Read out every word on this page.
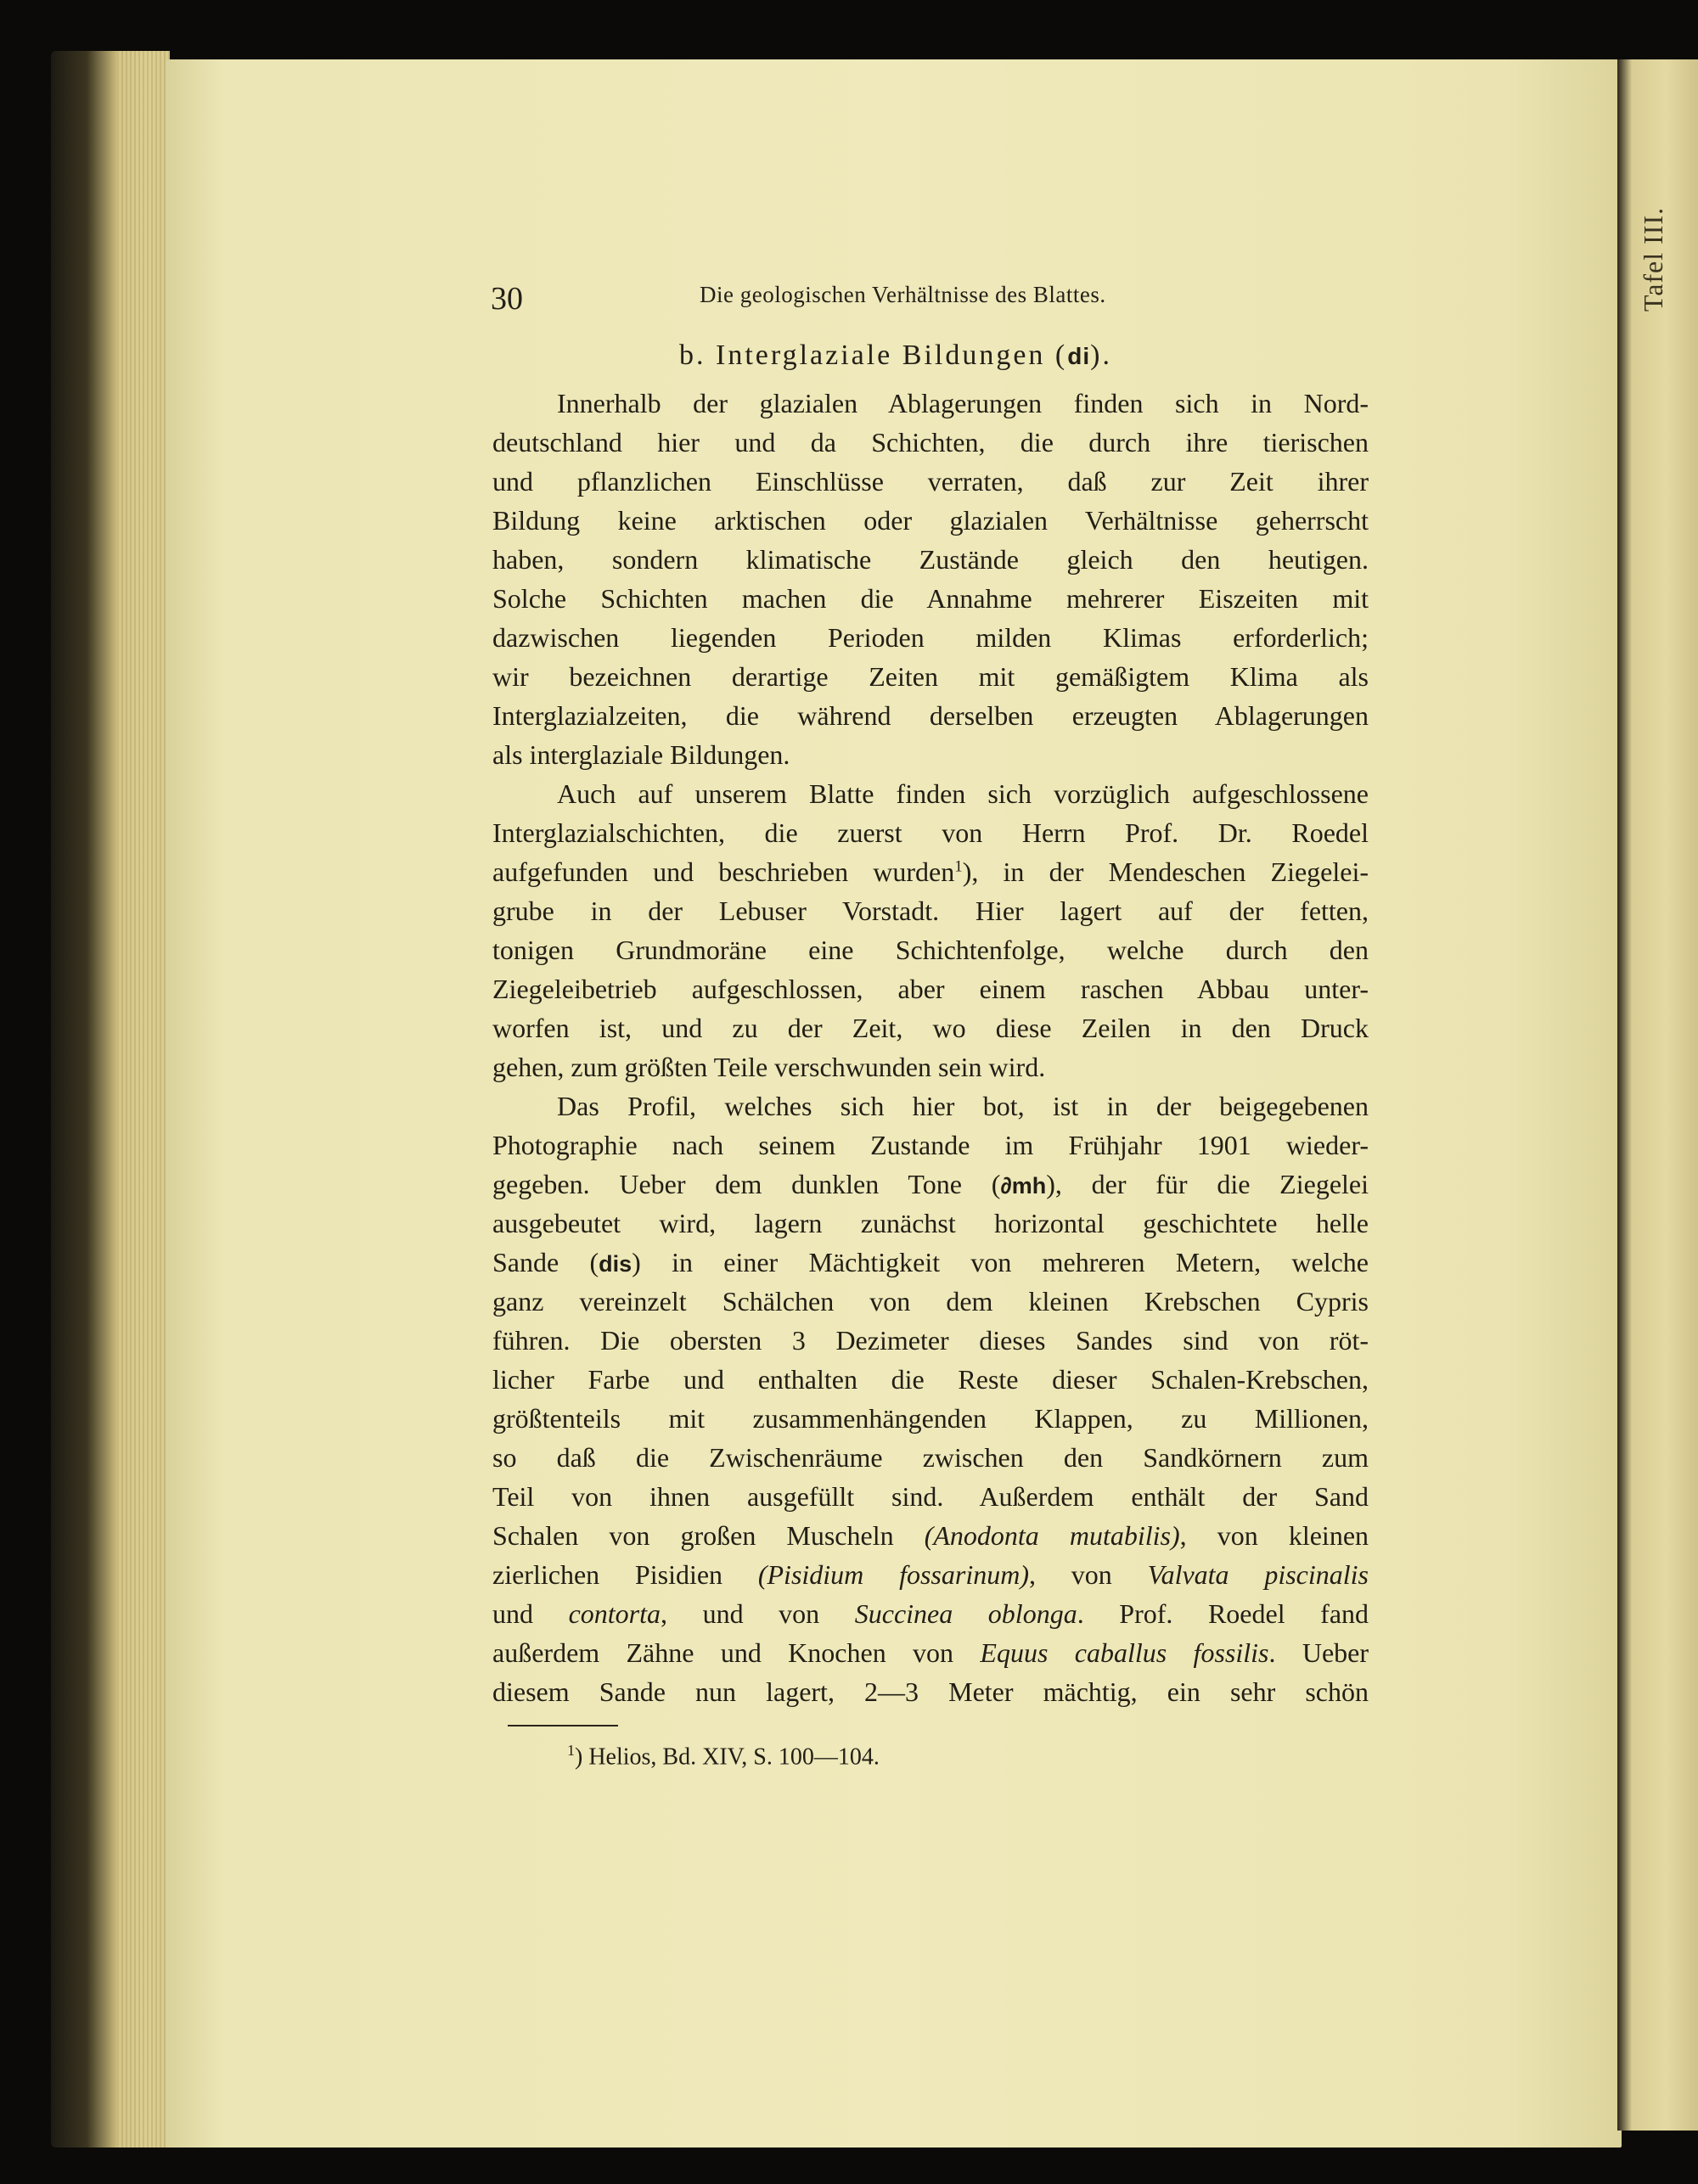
Tafel III.
30	Die geologischen Verhältnisse des Blattes.
b. Interglaziale Bildungen (di).
Innerhalb der glazialen Ablagerungen finden sich in Nord-
deutschland hier und da Schichten, die durch ihre tierischen
und pflanzlichen Einschlüsse verraten, daß zur Zeit ihrer
Bildung keine arktischen oder glazialen Verhältnisse geherrscht
haben, sondern klimatische Zustände gleich den heutigen.
Solche Schichten machen die Annahme mehrerer Eiszeiten mit
dazwischen liegenden Perioden milden Klimas erforderlich;
wir bezeichnen derartige Zeiten mit gemäßigtem Klima als
Interglazialzeiten, die während derselben erzeugten Ablagerungen
als interglaziale Bildungen.
Auch auf unserem Blatte finden sich vorzüglich aufgeschlossene
Interglazialschichten, die zuerst von Herrn Prof. Dr. Roedel
aufgefunden und beschrieben wurden$^1$), in der Mendeschen Ziegelei-
grube in der Lebuser Vorstadt. Hier lagert auf der fetten,
tonigen Grundmoräne eine Schichtenfolge, welche durch den
Ziegeleibetrieb aufgeschlossen, aber einem raschen Abbau unter-
worfen ist, und zu der Zeit, wo diese Zeilen in den Druck
gehen, zum größten Teile verschwunden sein wird.
Das Profil, welches sich hier bot, ist in der beigegebenen
Photographie nach seinem Zustande im Frühjahr 1901 wieder-
gegeben. Ueber dem dunklen Tone (∂mh), der für die Ziegelei
ausgebeutet wird, lagern zunächst horizontal geschichtete helle
Sande (dis) in einer Mächtigkeit von mehreren Metern, welche
ganz vereinzelt Schälchen von dem kleinen Krebschen Cypris
führen. Die obersten 3 Dezimeter dieses Sandes sind von röt-
licher Farbe und enthalten die Reste dieser Schalen-Krebschen,
größtenteils mit zusammenhängenden Klappen, zu Millionen,
so daß die Zwischenräume zwischen den Sandkörnern zum
Teil von ihnen ausgefüllt sind. Außerdem enthält der Sand
Schalen von großen Muscheln (Anodonta mutabilis), von kleinen
zierlichen Pisidien (Pisidium fossarinum), von Valvata piscinalis
und contorta, und von Succinea oblonga. Prof. Roedel fand
außerdem Zähne und Knochen von Equus caballus fossilis. Ueber
diesem Sande nun lagert, 2—3 Meter mächtig, ein sehr schön
$^1$) Helios, Bd. XIV, S. 100—104.
